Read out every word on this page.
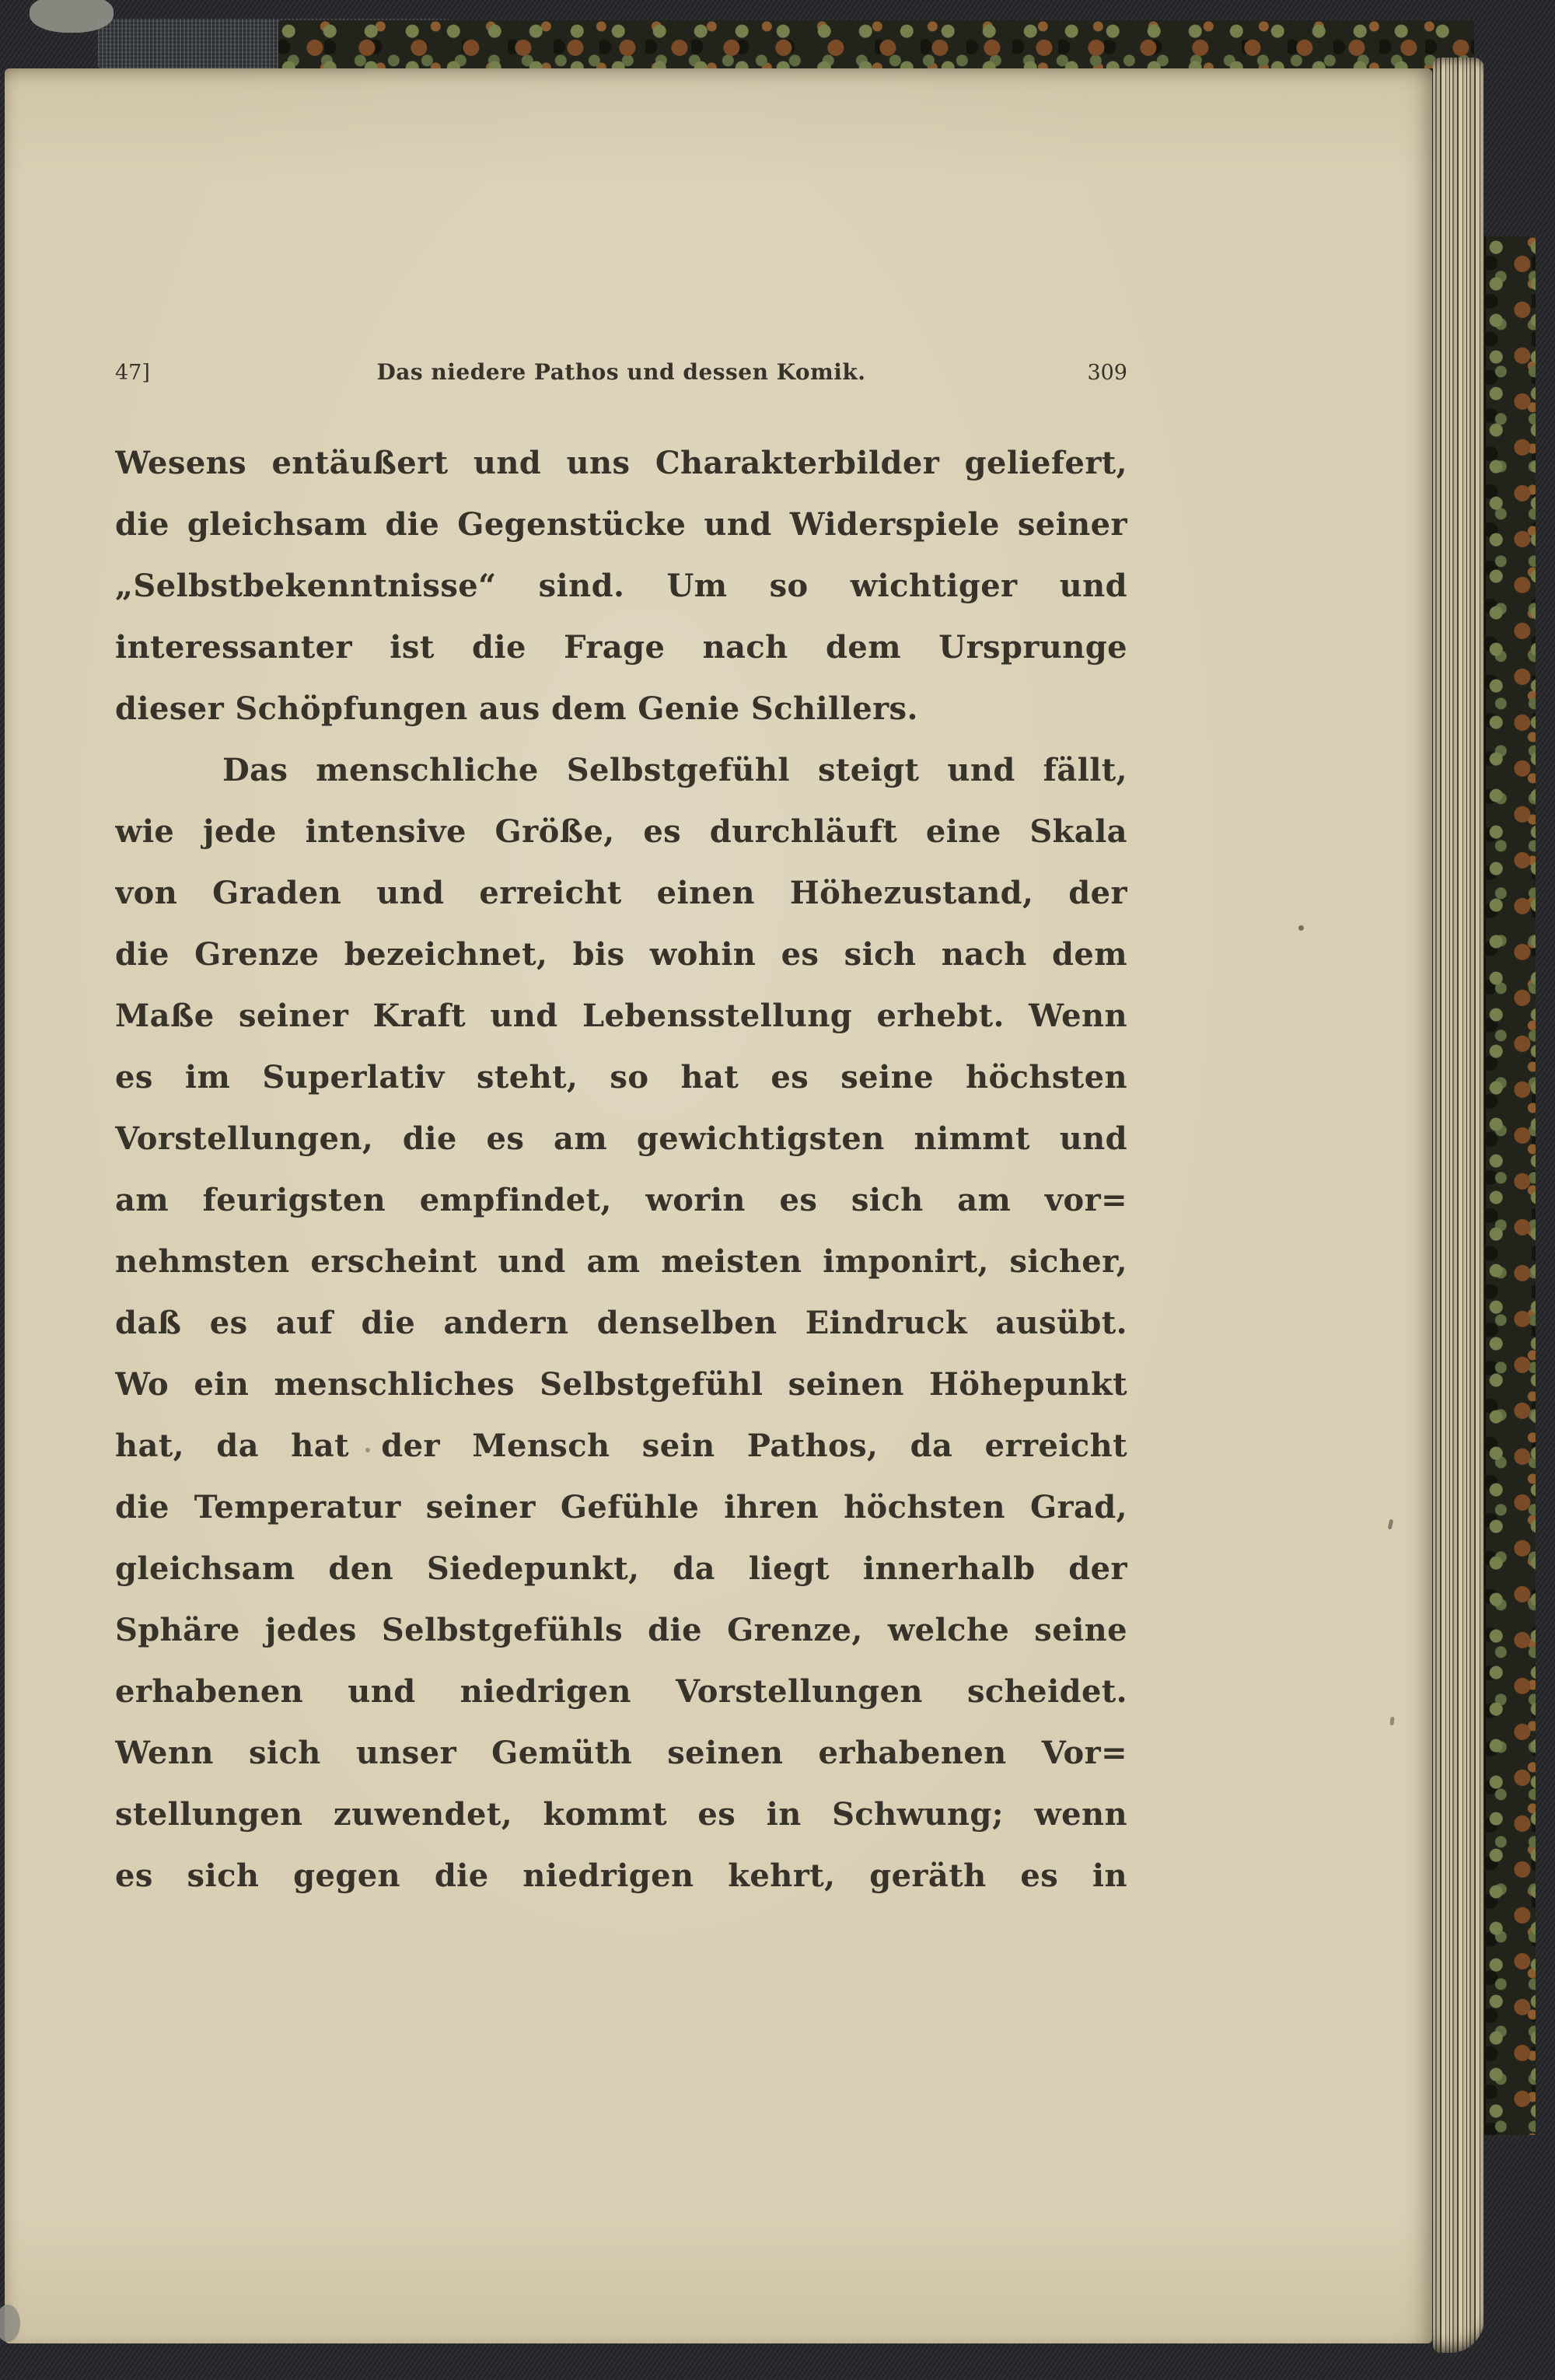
47]	Das niedere Pathos und dessen Komik.	309
Wesens entäußert und uns Charakterbilder geliefert,
die gleichsam die Gegenstücke und Widerspiele seiner
„Selbstbekenntnisse“ sind. Um so wichtiger und
interessanter ist die Frage nach dem Ursprunge
dieser Schöpfungen aus dem Genie Schillers.
Das menschliche Selbstgefühl steigt und fällt,
wie jede intensive Größe, es durchläuft eine Skala
von Graden und erreicht einen Höhezustand, der
die Grenze bezeichnet, bis wohin es sich nach dem
Maße seiner Kraft und Lebensstellung erhebt. Wenn
es im Superlativ steht, so hat es seine höchsten
Vorstellungen, die es am gewichtigsten nimmt und
am feurigsten empfindet, worin es sich am vor=
nehmsten erscheint und am meisten imponirt, sicher,
daß es auf die andern denselben Eindruck ausübt.
Wo ein menschliches Selbstgefühl seinen Höhepunkt
hat, da hat der Mensch sein Pathos, da erreicht
die Temperatur seiner Gefühle ihren höchsten Grad,
gleichsam den Siedepunkt, da liegt innerhalb der
Sphäre jedes Selbstgefühls die Grenze, welche seine
erhabenen und niedrigen Vorstellungen scheidet.
Wenn sich unser Gemüth seinen erhabenen Vor=
stellungen zuwendet, kommt es in Schwung; wenn
es sich gegen die niedrigen kehrt, geräth es in
